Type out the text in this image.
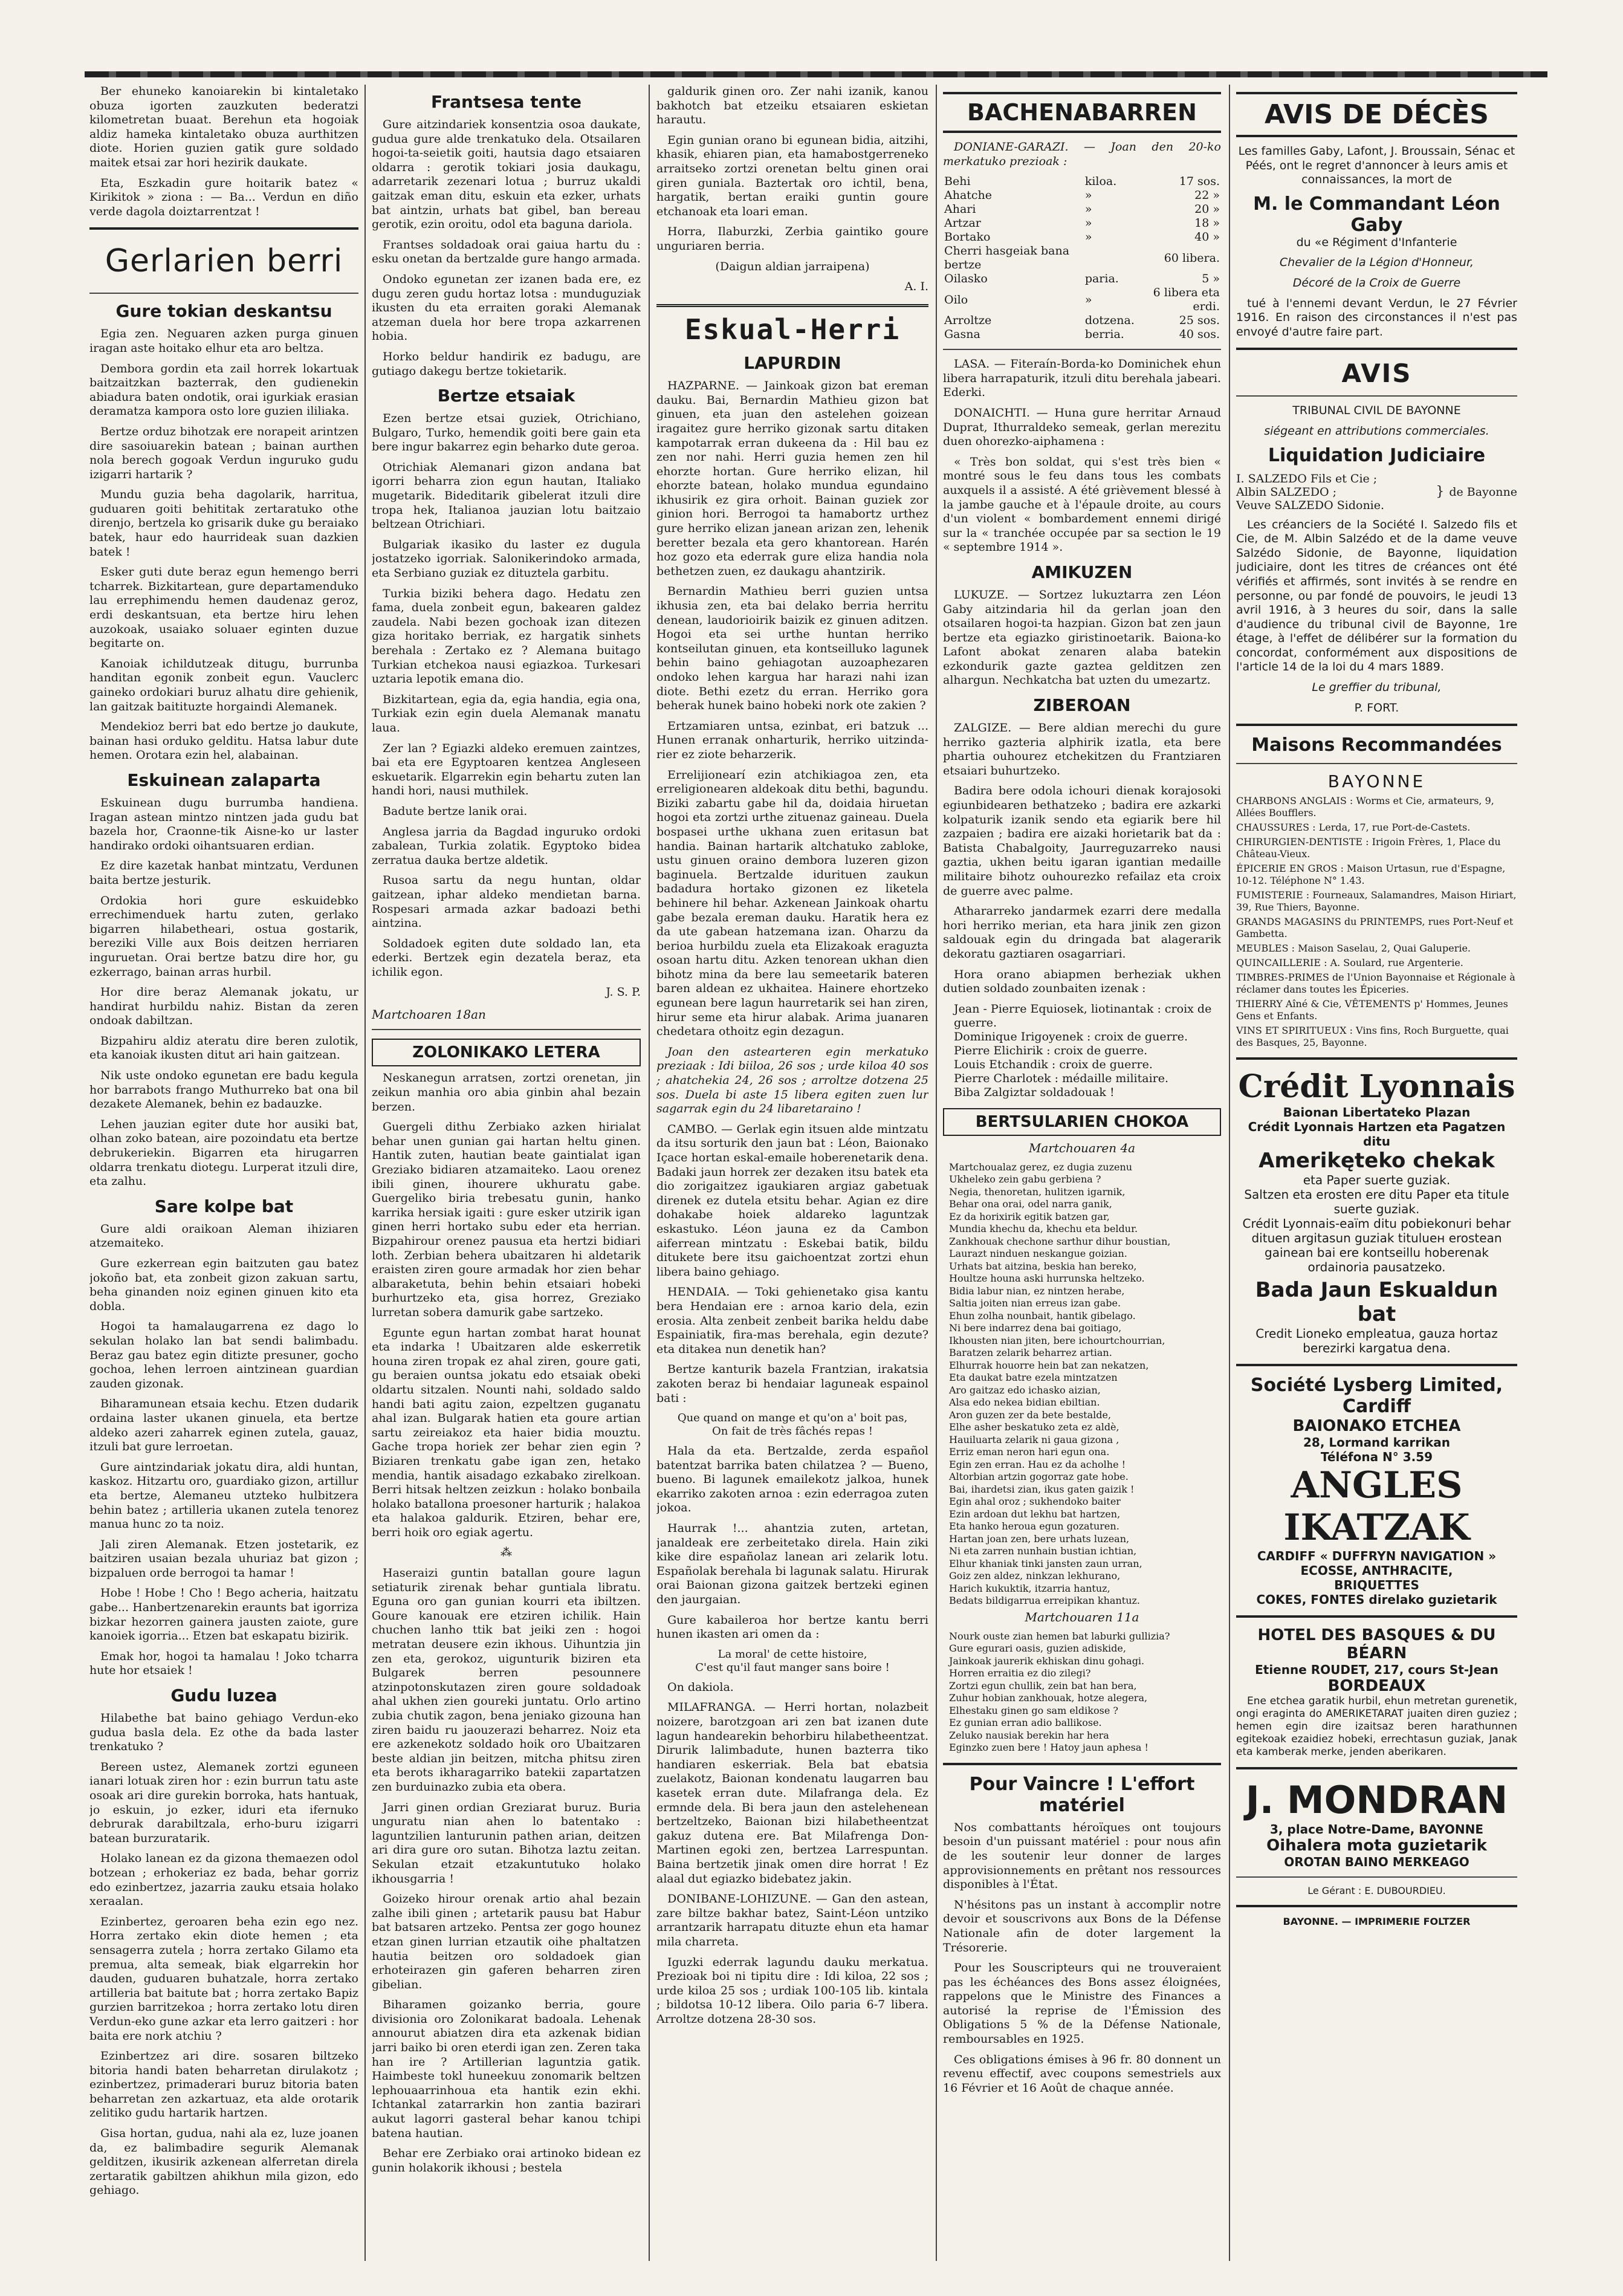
Ber ehuneko kanoiarekin bi kintaletako obuza igorten zauzkuten bederatzi kilometretan buaat. Berehun eta hogoiak aldiz hameka kintaletako obuza aurthitzen diote. Horien guzien gatik gure soldado maitek etsai zar hori hezirik daukate.

Eta, Eszkadin gure hoitarik batez « Kirikitok » ziona : — Ba... Verdun en diño verde dagola doiztarrentzat !

Gerlarien berri
Gure tokian deskantsu

Egia zen. Neguaren azken purga ginuen iragan aste hoitako elhur eta aro beltza.

Dembora gordin eta zail horrek lokartuak baitzaitzkan bazterrak, den gudienekin abiadura baten ondotik, orai igurkiak erasian deramatza kampora osto lore guzien ililiaka.

Bertze orduz bihotzak ere norapeit arintzen dire sasoiuarekin batean ; bainan aurthen nola berech gogoak Verdun inguruko gudu izigarri hartarik ?

Mundu guzia beha dagolarik, harritua, guduaren goiti behititak zertaratuko othe direnjo, bertzela ko grisarik duke gu beraiako batek, haur edo haurrideak suan dazkien batek !

Esker guti dute beraz egun hemengo berri tcharrek. Bizkitartean, gure departamenduko lau errephimendu hemen daudenaz geroz, erdi deskantsuan, eta bertze hiru lehen auzokoak, usaiako soluaer eginten duzue begitarte on.

Kanoiak ichildutzeak ditugu, burrunba handitan egonik zonbeit egun. Vauclerc gaineko ordokiari buruz alhatu dire gehienik, lan gaitzak baitituzte horgaindi Alemanek.

Mendekioz berri bat edo bertze jo daukute, bainan hasi orduko gelditu. Hatsa labur dute hemen. Orotara ezin hel, alabainan.

Eskuinean zalaparta

Eskuinean dugu burrumba handiena. Iragan astean mintzo nintzen jada gudu bat bazela hor, Craonne-tik Aisne-ko ur laster handirako ordoki oihantsuaren erdian.

Ez dire kazetak hanbat mintzatu, Verdunen baita bertze jesturik.

Ordokia hori gure eskuidebko errechimenduek hartu zuten, gerlako bigarren hilabetheari, ostua gostarik, bereziki Ville aux Bois deitzen herriaren inguruetan. Orai bertze batzu dire hor, gu ezkerrago, bainan arras hurbil.

Hor dire beraz Alemanak jokatu, ur handirat hurbildu nahiz. Bistan da zeren ondoak dabiltzan.

Bizpahiru aldiz ateratu dire beren zulotik, eta kanoiak ikusten ditut ari hain gaitzean.

Nik uste ondoko egunetan ere badu kegula hor barrabots frango Muthurreko bat ona bil dezakete Alemanek, behin ez badauzke.

Lehen jauzian egiter dute hor ausiki bat, olhan zoko batean, aire pozoindatu eta bertze debrukeriekin. Bigarren eta hirugarren oldarra trenkatu diotegu. Lurperat itzuli dire, eta zalhu.

Sare kolpe bat

Gure aldi oraikoan Aleman ihiziaren atzemaiteko.

Gure ezkerrean egin baitzuten gau batez jokoño bat, eta zonbeit gizon zakuan sartu, beha ginanden noiz eginen ginuen kito eta dobla.

Hogoi ta hamalaugarrena ez dago lo sekulan holako lan bat sendi balimbadu. Beraz gau batez egin ditizte presuner, gocho gochoa, lehen lerroen aintzinean guardian zauden gizonak.

Biharamunean etsaia kechu. Etzen dudarik ordaina laster ukanen ginuela, eta bertze aldeko azeri zaharrek eginen zutela, gauaz, itzuli bat gure lerroetan.

Gure aintzindariak jokatu dira, aldi huntan, kaskoz. Hitzartu oro, guardiako gizon, artillur eta bertze, Alemaneu utzteko hulbitzera behin batez ; artilleria ukanen zutela tenorez manua hunc zo ta noiz.

Jali ziren Alemanak. Etzen jostetarik, ez baitziren usaian bezala uhuriaz bat gizon ; bizpaluen orde berrogoi ta hamar !

Hobe ! Hobe ! Cho ! Bego acheria, haitzatu gabe... Hanbertzenarekin eraunts bat igorriza bizkar hezorren gainera jausten zaiote, gure kanoiek igorria... Etzen bat eskapatu bizirik.

Emak hor, hogoi ta hamalau ! Joko tcharra hute hor etsaiek !

Gudu luzea

Hilabethe bat baino gehiago Verdun-eko guduа basla dela. Ez othe da bada laster trenkatuko ?

Bereen ustez, Alemanek zortzi eguneen ianari lotuak ziren hor : ezin burrun tatu aste osoak ari dire gurekin borroka, hats hantuak, jo eskuin, jo ezker, iduri eta ifernuko debrurak darabiltzala, erho-buru izigarri batean burzuratarik.

Holako lanean ez da gizona themaezen odol botzean ; erhokeriaz ez bada, behar gorriz edo ezinbertzez, jazarria zauku etsaia holako xeraalan.

Ezinbertez, geroaren beha ezin ego nez. Horra zertako ekin diote hemen ; eta sensagerra zutela ; horra zertako Gilamo eta premua, alta semeak, biak elgarrekin hor daudеn, guduaren buhatzale, horra zertako artilleria bat baitute bat ; horra zertako Bapiz gurzien barritzekoa ; horra zertako lotu diren Verdun-eko gune azkar eta lerro gaitzeri : hor baita ere nork atchiu ?

Ezinbertzez ari dire. sosaren biltzeko bitoria handi baten beharretan dirulakotz ; ezinbertzez, primaderari buruz bitoria baten beharretan zen azkartuaz, eta alde orotarik zelitiko gudu hartarik hartzen.

Gisa hortan, gudua, nahi ala ez, luze joanen da, ez balimbadire segurik Alemanak gelditzen, ikusirik azkenean alferretan direla zertaratik gabiltzen ahikhun mila gizon, edo gehiago.

Frantsesa tente

Gure aitzindariek konsentzia osoa daukate, gudua gure alde trenkatuko dela. Otsailaren hogoi-ta-seietik goiti, hautsia dago etsaiaren oldarra : gerotik tokiari josia daukagu, adarretarik zezenari lotuа ; burruz ukaldi gaitzak eman ditu, eskuin eta ezker, urhats bat aintzin, urhats bat gibel, ban bereau gerotik, ezin oroitu, odol eta baguna dariola.

Frantses soldadoak orai gaiua hartu du : esku onetan da bertzalde gure hango armada.

Ondoko egunetan zer izanen bada ere, ez dugu zeren gudu hortaz lotsa : munduguziak ikusten du eta erraiten goraki Alemanak atzeman duela hor bere tropa azkarrenen hobia.

Horko beldur handirik ez badugu, are gutiago dakegu bertze tokietarik.

Bertze etsaiak

Ezen bertze etsai guziek, Otrichiano, Bulgaro, Turko, hemendik goiti bere gain eta bere ingur bakarrez egin beharko dute geroa.

Otrichiak Alemanari gizon andana bat igorri beharra zion egun hautan, Italiako mugetarik. Bideditarik gibelerat itzuli dire tropa hek, Italianoa jauzian lotu baitzaio beltzean Otrichiari.

Bulgariak ikasiko du laster ez dugula jostatzeko igorriak. Salonikerindoko armada, eta Serbiano guziak ez dituztela garbitu.

Turkia biziki behera dago. Hedatu zen fama, duela zonbeit egun, bakearen galdez zaudela. Nabi bezen gochoak izan ditezen giza horitako berriak, ez hargatik sinhets berehala : Zertako ez ? Alemana buitago Turkian etchekoa nausi egiazkoa. Turkesari uztaria lepotik emana dio.

Bizkitartean, egia da, egia handia, egia ona, Turkiak ezin egin duela Alemanak manatu laua.

Zer lan ? Egiazki aldeko eremuen zaintzes, bai eta ere Egyptoaren kentzea Angleseen eskuetarik. Elgarrekin egin behartu zuten lan handi hori, nausi muthilek.

Badute bertze lanik orai.

Anglesa jarria da Bagdad inguruko ordoki zabalean, Turkia zolatik. Egyptoko bidea zerratua dauka bertze aldetik.

Rusoa sartu da negu huntan, oldar gaitzean, iphar aldeko mendietan barna. Rospesari armada azkar badoazi bethi aintzina.

Soldadoek egiten dute soldado lan, eta ederki. Bertzek egin dezatela beraz, eta ichilik egon.

J. S. P.
Martchoaren 18an
ZOLONIKAKO LETERA

Neskanegun arratsen, zortzi orenetan, jin zeikun manhia oro abia ginbin ahal bezain berzen.

Guergeli dithu Zerbiako azken hirialat behar unen gunian gai hartan heltu ginen. Hantik zuten, hautian beate gaintialat igan Greziako bidiaren atzamaiteko. Laou orenez ibili ginen, ihourere ukhuratu gabe. Guergeliko biria trebesatu gunin, hanko karrika hersiak igaiti : gure esker utzirik igan ginen herri hortako subu eder eta herrian. Bizpahirour orenez pausua eta hertzi bidiari loth. Zerbian behera ubaitzaren hi aldetarik eraisten ziren goure armadak hor zien behar albaraketuta, behin behin etsaiari hobeki burhurtzeko eta, gisa horrez, Greziako lurretan sobera damurik gabe sartzeko.

Egunte egun hartan zombat harat hounat eta indarka ! Ubaitzaren alde eskerretik houna ziren tropak ez ahal ziren, goure gati, gu beraien ountsa jokatu edo etsaiak obeki oldartu sitzalen. Nounti nahi, soldado saldo handi bati agitu zaion, ezpeltzen guganatu ahal izan. Bulgarak hatien eta goure artian sartu zeireiakoz eta haier bidia mouztu. Gache tropa horiek zer behar zien egin ? Biziaren trenkatu gabe igan zen, hetako mendia, hantik aisadago ezkabako zirelkoan. Berri hitsak heltzen zeizkun : holako bonbaila holako batallona proesoner harturik ; halakoa eta halakoa galdurik. Etziren, behar ere, berri hoik oro egiak agertu.

⁂

Haseraizi guntin batallan goure lagun setiaturik zirenak behar guntiala libratu. Eguna oro gan gunian kourri eta ibiltzen. Goure kanouak ere etziren ichilik. Hain chuchen lanho ttik bat jeiki zen : hogoi metratan deusere ezin ikhous. Uihuntzia jin zen eta, gerokoz, uigunturik biziren eta Bulgarek berren pesounnere atzinpotonskutazen ziren goure soldadoak ahal ukhen zien goureki juntatu. Orlo artino zubia chutik zagon, bena jeniako gizouna han ziren baidu ru jaouzerazi beharrez. Noiz eta ere azkenekotz soldado hoik oro Ubaitzaren beste aldian jin beitzen, mitcha phitsu ziren eta berots ikharagarriko batekii zapartatzen zen burduinazko zubia eta obera.

Jarri ginen ordian Greziarat buruz. Buria unguratu nian ahen lo batentako : laguntzilien lanturunin pathen arian, deitzen ari dira gure oro sutan. Bihotza laztu zeitan. Sekulan etzait etzakuntutuko holako ikhousgarria !

Goizeko hirour orenak artio ahal bezain zalhe ibili ginen ; artetarik pausu bat Habur bat batsaren artzeko. Pentsa zer gogo hounez etzan ginen lurrian etzautik oihe phaltatzen hautia beitzen oro soldadoek gian erhoteirazen gin gaferen beharren ziren gibelian.

Biharamen goizanko berria, goure divisionia oro Zolonikarat badoala. Lehenak annourut abiatzen dira eta azkenak bidian jarri baiko bi oren eterdi igan zen. Zeren taka han ire ? Artillerian laguntzia gatik. Haimbeste tokl huneekuu zonomarik beltzen lephouaarrinhoua eta hantik ezin ekhi. Ichtankal zatarrarkin hon zantia bazirari aukut lagorri gasteral behar kanou tchipi batena hautian.

Behar ere Zerbiako orai artinoko bidean ez gunin holakorik ikhousi ; bestela

galdurik ginen oro. Zer nahi izanik, kanou bakhotch bat etzeiku etsaiaren eskietan harautu.

Egin gunian orano bi egunean bidia, aitzihi, khasik, ehiaren pian, eta hamabostgerreneko arraitseko zortzi orenetan beltu ginen orai giren guniala. Baztertak oro ichtil, bena, hargatik, bertan eraiki guntin goure etchanoak eta loari eman.

Horra, Ilaburzki, Zerbia gaintiko goure unguriaren berria.

(Daigun aldian jarraipena)

A. I.
Eskual-Herri
LAPURDIN

HAZPARNE. — Jainkoak gizon bat ereman dauku. Bai, Bernardin Mathieu gizon bat ginuen, eta juan den astelehen goizean iragaitez gure herriko gizonak sartu ditaken kampotarrak erran dukeena da : Hil bau ez zen nor nahi. Herri guzia hemen zen hil ehorzte hortan. Gure herriko elizan, hil ehorzte batean, holako munduа egundaino ikhusirik ez gira orhoit. Bainan guziek zor ginion hori. Berrogoi ta hamabortz urthez gure herriko elizan janean arizan zen, lehenik beretter bezala eta gero khantorean. Harén hoz gozo eta ederrak gure eliza handia nola bethetzen zuen, ez daukagu ahantzirik.

Bernardin Mathieu berri guzien untsa ikhusia zen, eta bai delako berria herritu denean, laudorioirik baizik ez ginuen aditzen. Hogoi eta sei urthe huntan herriko kontseilutan ginuen, eta kontseilluko lagunek behin baino gehiagotan auzoaphezaren ondoko lehen kargua har harazi nahi izan diote. Bethi ezetz du erran. Herriko gora beherak hunek baino hobeki nork ote zakien ?

Ertzamiaren untsa, ezinbat, eri batzuk ... Hunen erranak onharturik, herriko uitzinda-rier ez ziote beharzerik.

Errelijionearí ezin atchikiagoa zen, eta erreligionearen aldekoak ditu bethi, bagundu. Biziki zabartu gabe hil da, doidaia hiruetan hogoi eta zortzi urthe zituenaz gaineau. Duela bospasei urthe ukhana zuen eritasun bat handia. Bainan hartarik altchatuko zabloke, ustu ginuen oraino dembora luzeren gizon baginuela. Bertzalde idurituen zaukun badadura hortako gizonen ez liketela behinere hil behar. Azkenean Jainkoak ohartu gabe bezala ereman dauku. Haratik hera ez da ute gabean hatzemana izan. Oharzu da berioa hurbildu zuela eta Elizakoak eraguzta osoan hartu ditu. Azken tenorean ukhan dien bihotz mina da bere lau semeetarik bateren baren aldean ez ukhaitea. Hainere ehortzeko egunean bere lagun haurretarik sei han ziren, hirur seme eta hirur alabak. Arima juanaren chedetara othoitz egin dezagun.

Joan den astearteren egin merkatuko preziаak : Idi biiloa, 26 sos ; urde kiloa 40 sos ; ahatchekia 24, 26 sos ; arroltze dotzena 25 sos. Duela bi aste 15 libera egiten zuen lur sagarrak egin du 24 libaretaraino !

CAMBO. — Gerlak egin itsuen alde mintzatu da itsu sorturik den jaun bat : Léon, Baionako Içace hortan eskal-emaile hoberenetarik dena. Badaki jaun horrek zer dezaken itsu batek eta dio zorigaitzez igaukiaren argiaz gabetuak direnek ez dutela etsitu behar. Agian ez dire dohakabe hoiek aldareko laguntzak eskastuko. Léon jauna ez da Cambon aiferrean mintzatu : Eskebai batik, bildu ditukete bere itsu gaichoentzat zortzi ehun libera baino gehiago.

HENDAIA. — Toki gehienetako gisa kantu bera Hendaian ere : arnoa kario dela, ezin erosia. Alta zenbeit zenbeit barika heldu dabe Espainiatik, fira-mas berehala, egin dezute? eta ditakea nun denetik han?

Bertze kanturik bazela Frantzian, irakatsia zakoten beraz bi hendaiar laguneak espainol bati :

Que quand on mange et qu'on a' boit pas,
On fait de très fâchés repas !

Hala da eta. Bertzalde, zerda español batentzat barrika baten chilatzea ? — Bueno, bueno. Bi lagunek emailekotz jalkoa, hunek ekarriko zakoten arnoa : ezin ederragoa zuten jokoa.

Haurrak !... ahantzia zuten, artetan, janaldeak ere zerbeitetako direla. Hain ziki kike dire españolaz lanean ari zelarik lotu. Españolak berehala bi lagunak salatu. Hirurak orai Baionan gizona gaitzek bertzeki eginen den jaurgaian.

Gure kabaileroa hor bertze kantu berri hunen ikasten ari omen da :

La moral' de cette histoire,
C'est qu'il faut manger sans boire !

On dakiola.

MILAFRANGA. — Herri hortan, nolazbeit noizere, barotzgoan ari zen bat izanen dute lagun handearekin behorbiru hilabetheentzat. Dirurik lalimbadute, hunen bazterra tiko handiaren eskerriak. Bela bat ebatsia zuelakotz, Baionan kondenatu laugarren bau kasetek erran dute. Milafranga dela. Ez ermnde dela. Bi bera jaun den astelehenean bertzeltzeko, Baionan bizi hilabetheentzat gakuz dutena ere. Bat Milafrenga Don-Martinen egoki zen, bertzea Larrespuntan. Baina bertzetik jinak omen dire horrat ! Ez alaal dut egiazko bidebatez jakin.

DONIBANE-LOHIZUNE. — Gan den astean, zare biltze bakhar batez, Saint-Léon untziko arrantzarik harrapatu dituzte ehun eta hamar mila charreta.

Iguzki ederrak lagundu dauku merkatua. Preziоak boi ni tipitu dire : Idi kiloa, 22 sos ; urde kiloa 25 sos ; urdiak 100-105 lib. kintala ; bildotsa 10-12 libera. Oilo paria 6-7 libera. Arroltze dotzena 28-30 sos.

BACHENABARREN

DONIANE-GARAZI. — Joan den 20-ko merkatuko preziоak :

Behi	kiloa.	17 sos.
Ahatche	»	22 »
Ahari	»	20 »
Artzar	»	18 »
Bortako	»	40 »
Cherri hasgeiak bana bertze		60 libera.
Oilasko	paria.	5 »
Oilo	»	6 libera eta erdi.
Arroltze	dotzena.	25 sos.
Gasna	berria.	40 sos.

LASA. — Fiteraín-Borda-ko Dominichek ehun libera harrapaturik, itzuli ditu berehala jabeari. Ederki.

DONAICHTI. — Huna gure herritar Arnaud Duprat, Ithurraldeko semeak, gerlan merezitu duen ohorezko-aiphamena :

« Très bon soldat, qui s'est très bien « montré sous le feu dans tous les combats auxquels il a assisté. A été grièvement blessé à la jambe gauche et à l'épaule droite, au cours d'un violent « bombardement ennemi dirigé sur la « tranchée occupée par sa section le 19 « septembre 1914 ».

AMIKUZEN

LUKUZE. — Sortzez lukuztarra zen Léon Gaby aitzindaria hil da gerlan joan den otsailaren hogoi-ta hazpian. Gizon bat zen jaun bertze eta egiazko giristinoetarik. Baiona-ko Lafont abokat zenaren alaba batekin ezkondurik gazte gaztea gelditzen zen alhargun. Nechkatcha bat uzten du umezartz.

ZIBEROAN

ZALGIZE. — Bere aldian merechi du gure herriko gazteria alphirik izatla, eta bere phartia ouhourez etchekitzen du Frantziaren etsaiari buhurtzeko.

Badira bere odola ichouri dienak korajosoki egiunbidearen bethatzeko ; badira ere azkarki kolpaturik izanik sendo eta egiarik bere hil zazpaien ; badira ere aizaki horietarik bat da : Batista Chabalgoity, Jaurreguzarreko nausi gaztia, ukhen beitu igaran igantian medaille militaire bihotz ouhourezko refailaz eta croix de guerre avec palme.

Athararreko jandarmek ezarri dere medalla hori herriko merian, eta hara jinik zen gizon saldouak egin du dringada bat alagerarik dekoratu gaztiaren osagarriari.

Hora orano abiapmen berheziak ukhen dutien soldado zounbaiten izenak :

Jean - Pierre Equiosek, liotinantak : croix de guerre.
Dominique Irigoyenek : croix de guerre.
Pierre Elichirik : croix de guerre.
Louis Etchandik : croix de guerre.
Pierre Charlotek : médaille militaire.
Biba Zalgiztar soldadouak !
BERTSULARIEN CHOKOA
Martchouaren 4a
Martchoualaz gerez, ez dugia zuzenu
Ukheleko zein gabu gerbiena ?
Negia, thenoretan, hulitzen igarnik,
Behar ona orai, odel narra ganik,
Ez da horixirik egitik batzen gar,
Mundia khechu da, khechu eta beldur.
Zankhouak chechone sarthur dihur boustian,
Laurazt ninduen neskangue goizian.
Urhats bat aitzina, beskia han bereko,
Houltze houna aski hurrunska heltzeko.
Bidia labur nian, ez nintzen herabe,
Saltia joiten nian erreus izan gabe.
Ehun zolha nounbait, hantik gibelago.
Ni bere indarrez dena bai goitiago,
Ikhousten nian jiten, bere ichourtchourrian,
Baratzen zelarik beharrez artian.
Elhurrak houorre hein bat zan nekatzen,
Eta daukat batre ezela mintzatzen
Aro gaitzaz edo ichasko aizian,
Alsa edo nekea bidian ebiltian.
Aron guzen zer da bete bestalde,
Elhe asher beskatuko zeta ez aldè,
Hauiluarta zelarik ni gaua gizona ,
Erriz eman neron hari egun ona.
Egin zen erran. Hau ez da acholhe !
Altorbian artzin gogorraz gate hobe.
Bai, ihardetsi zian, ikus gaten gaizik !
Egin ahal oroz ; sukhendoko baiter
Ezin ardoan dut lekhu bat hartzen,
Eta hanko heroua egun gozaturen.
Hartan joan zen, bere urhats luzean,
Ni eta zarren nunhain bustian ichtian,
Elhur khaniak tinki jansten zaun urran,
Goiz zen aldez, ninkzan lekhurano,
Harich kukuktik, itzarria hantuz,
Bedats bildigarrua erreipikan khantuz.
Martchouaren 11a
Nourk ouste zian hemen bat laburki gullizia?
Gure egurari oasis, guzien adiskide,
Jainkoak jaurerik ekhiskan dinu gohagi.
Horren erraitia ez dio zilegi?
Zortzi egun chullik, zein bat han bera,
Zuhur hobian zankhouak, hotze alegera,
Elhestaku ginen go sam eldikose ?
Ez gunian erran adio ballikose.
Zeluko nausiak berekin har hera
Eginzko zuen bere ! Hatoy jaun aphesa !
Pour Vaincre ! L'effort matériel

Nos combattants héroïques ont toujours besoin d'un puissant matériel : pour nous afin de les soutenir leur donner de larges approvisionnements en prêtant nos ressources disponibles à l'État.

N'hésitons pas un instant à accomplir notre devoir et souscrivons aux Bons de la Défense Nationale afin de doter largement la Trésorerie.

Pour les Souscripteurs qui ne trouveraient pas les échéances des Bons assez éloignées, rappelons que le Ministre des Finances a autorisé la reprise de l'Émission des Obligations 5 % de la Défense Nationale, remboursables en 1925.

Ces obligations émises à 96 fr. 80 donnent un revenu effectif, avec coupons semestriels aux 16 Février et 16 Août de chaque année.

AVIS DE DÉCÈS

Les familles Gaby, Lafont, J. Broussain, Sénac et Péés, ont le regret d'annoncer à leurs amis et connaissances, la mort de

M. le Commandant Léon Gaby

du «e Régiment d'Infanterie

Chevalier de la Légion d'Honneur,

Décoré de la Croix de Guerre

tué à l'ennemi devant Verdun, le 27 Février 1916. En raison des circonstances il n'est pas envoyé d'autre faire part.

AVIS

TRIBUNAL CIVIL DE BAYONNE

siégeant en attributions commerciales.

Liquidation Judiciaire
I. SALZEDO Fils et Cie ;
Albin SALZEDO ;
Veuve SALZEDO Sidonie.
} de Bayonne

Les créanciers de la Société I. Salzedo fils et Cie, de M. Albin Salzédo et de la dame veuve Salzédo Sidonie, de Bayonne, liquidation judiciaire, dont les titres de créances ont été vérifiés et affirmés, sont invités à se rendre en personne, ou par fondé de pouvoirs, le jeudi 13 avril 1916, à 3 heures du soir, dans la salle d'audience du tribunal civil de Bayonne, 1re étage, à l'effet de délibérer sur la formation du concordat, conformément aux dispositions de l'article 14 de la loi du 4 mars 1889.

Le greffier du tribunal,

P. FORT.

Maisons Recommandées
BAYONNE
CHARBONS ANGLAIS : Worms et Cie, armateurs, 9, Allées Boufflers.
CHAUSSURES : Lerda, 17, rue Port-de-Castets.
CHIRURGIEN-DENTISTE : Irigoin Frères, 1, Place du Château-Vieux.
ÉPICERIE EN GROS : Maison Urtasun, rue d'Espagne, 10-12. Téléphone N° 1.43.
FUMISTERIE : Fourneaux, Salamandres, Maison Hiriart, 39, Rue Thiers, Bayonne.
GRANDS MAGASINS du PRINTEMPS, rues Port-Neuf et Gambetta.
MEUBLES : Maison Saselau, 2, Quai Galuperie.
QUINCAILLERIE : A. Soulard, rue Argenterie.
TIMBRES-PRIMES de l'Union Bayonnaise et Régionale à réclamer dans toutes les Épiceries.
THIERRY Aîné & Cie, VÊTEMENTS p' Hommes, Jeunes Gens et Enfants.
VINS ET SPIRITUEUX : Vins fins, Roch Burguette, quai des Basques, 25, Bayonne.
Crédit Lyonnais
Baionan Libertateko Plazan
Crédit Lyonnais Hartzen eta Pagatzen ditu
Amerikęteko chekak
eta Paper suerte guziak.
Saltzen eta erosten ere ditu Paper eta titule suerte guziak.
Crédit Lyonnais-eaïm ditu pobiekonuri behar dituen argitasun guziak titulueн erostean gainean bai ere kontseillu hoberenak ordainoriа pausatzeko.
Bada Jaun Eskualdun bat
Credit Lioneko empleatua, gauza hortaz berezirki kargatua dena.
Société Lysberg Limited, Cardiff
BAIONAKO ETCHEA
28, Lormand karrikan
Téléfona N° 3.59
ANGLES IKATZAK
CARDIFF « DUFFRYN NAVIGATION »
ECOSSE, ANTHRACITE,
BRIQUETTES
COKES, FONTES direlako guzietarik
HOTEL DES BASQUES & DU BÉARN
Etienne ROUDET, 217, cours St-Jean
BORDEAUX

Ene etchea garatik hurbil, ehun metretan gurenetik, ongi eraginta do AMERIKETARAT juaiten diren guziez ; hemen egin dire izaitsaz beren harathunnen egitekoak ezaidiez hobeki, errechtasun guziak, Janak eta kamberak merke, jenden aberikaren.

J. MONDRAN
3, place Notre-Dame, BAYONNE
Oihalera mota guzietarik
OROTAN BAINO MERKEAGO
Le Gérant : E. DUBOURDIEU.
BAYONNE. — IMPRIMERIE FOLTZER
